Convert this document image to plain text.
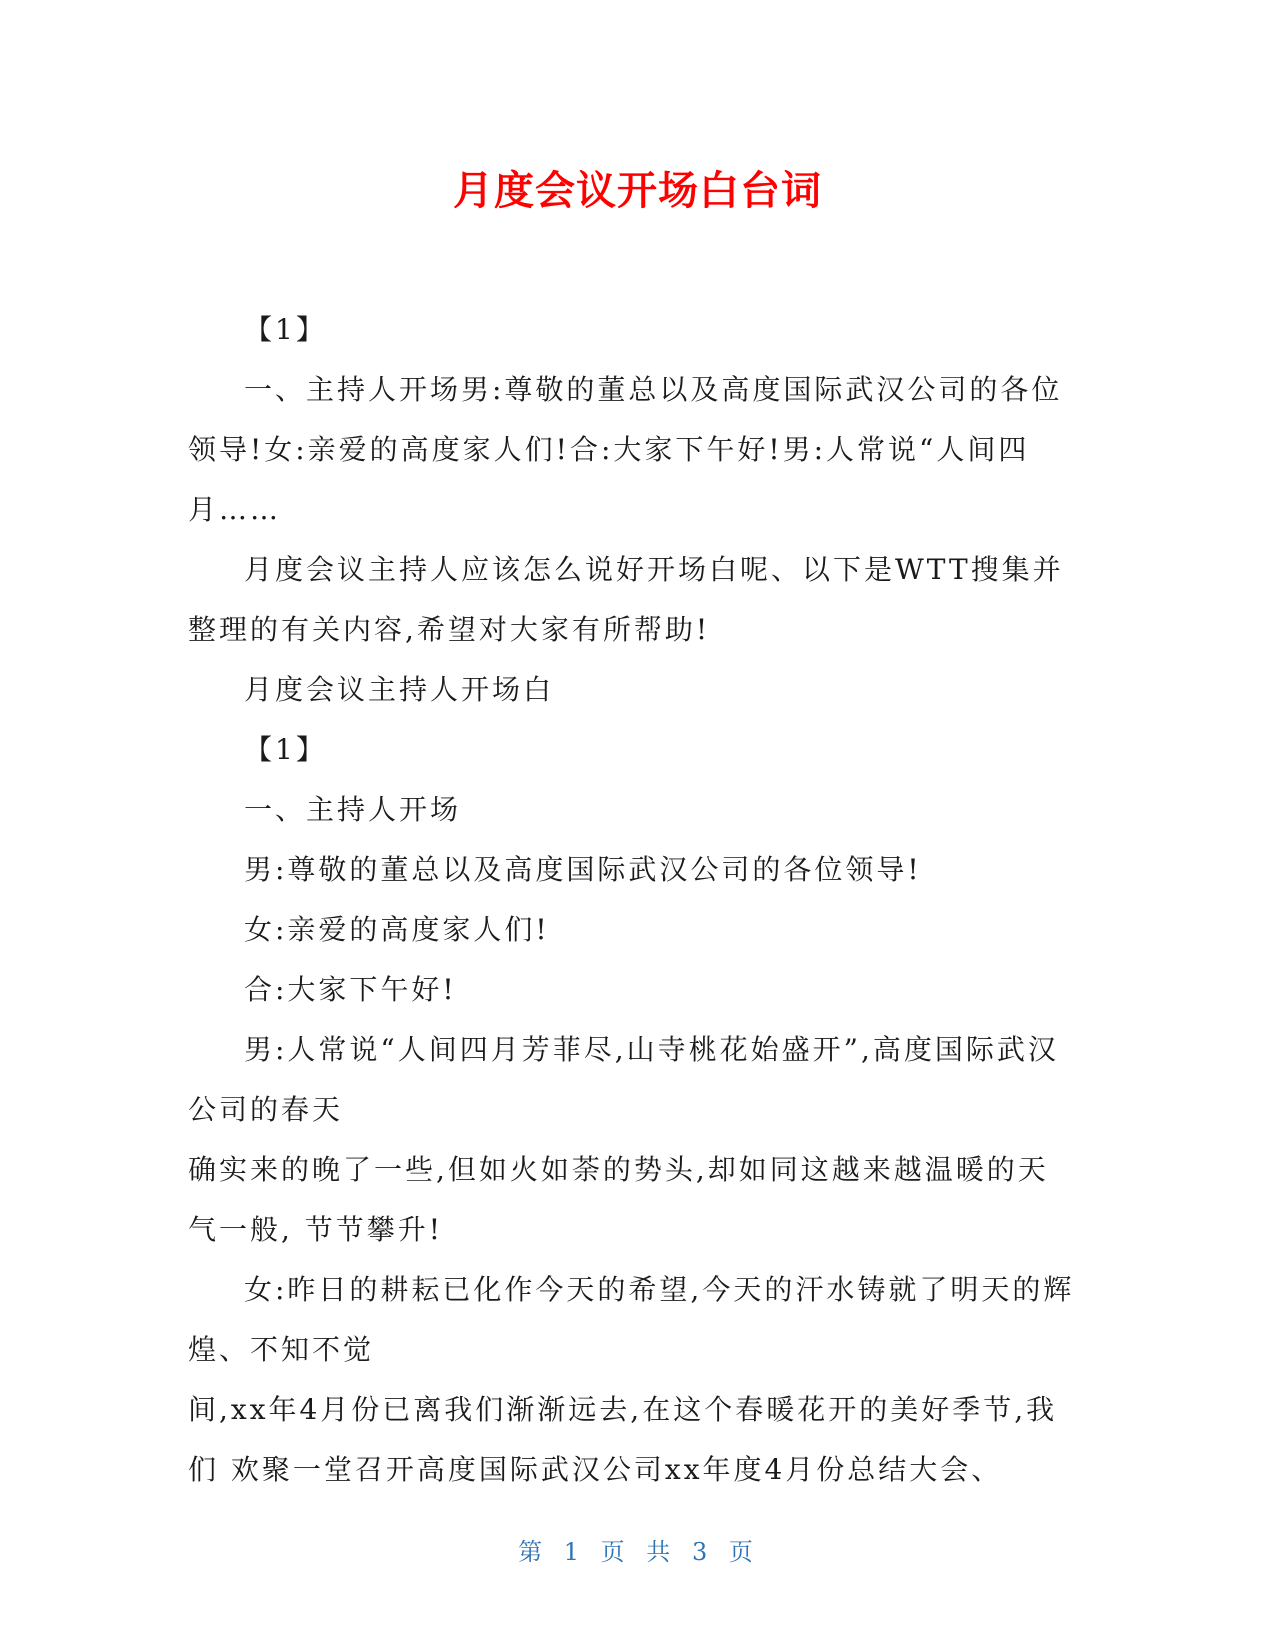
月度会议开场白台词

【1】

一、主持人开场男:尊敬的董总以及高度国际武汉公司的各位领导!女:亲爱的高度家人们!合:大家下午好!男:人常说“人间四月……

月度会议主持人应该怎么说好开场白呢、以下是WTT搜集并整理的有关内容,希望对大家有所帮助!

月度会议主持人开场白

【1】

一、主持人开场

男:尊敬的董总以及高度国际武汉公司的各位领导!

女:亲爱的高度家人们!

合:大家下午好!

男:人常说“人间四月芳菲尽,山寺桃花始盛开”,高度国际武汉公司的春天

确实来的晚了一些,但如火如荼的势头,却如同这越来越温暖的天气一般, 节节攀升!

女:昨日的耕耘已化作今天的希望,今天的汗水铸就了明天的辉煌、不知不觉

间,xx年4月份已离我们渐渐远去,在这个春暖花开的美好季节,我们 欢聚一堂召开高度国际武汉公司xx年度4月份总结大会、

第 1 页 共 3 页
